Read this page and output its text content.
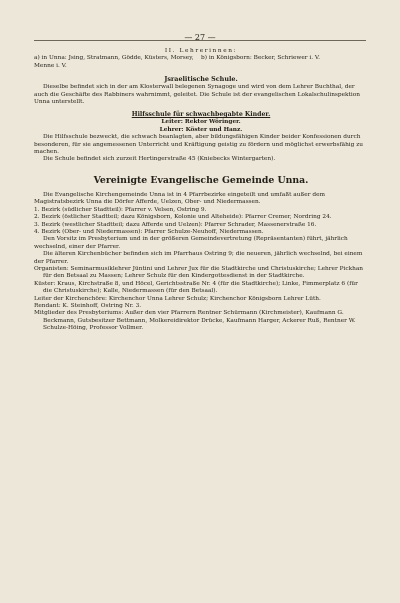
— 27 —
II. Lehrerinnen:
a) in Unna: Jsing, Stratmann, Gödde, Küsters, Morsey, Menne i. V.
b) in Königsborn: Becker, Schriewer i. V.
Jsraelitische Schule.

Dieselbe befindet sich in der am Klosterwall belegenen Synagoge und wird von dem Lehrer Buchthal, der auch die Geschäfte des Rabbiners wahrnimmt, geleitet. Die Schule ist der evangelischen Lokalschulinspektion Unna unterstellt.

Hilfsschule für schwachbegabte Kinder.
Leiter: Rektor Wöringer.
Lehrer: Köster und Hanz.

Die Hilfsschule bezweckt, die schwach beanlagten, aber bildungsfähigen Kinder beider Konfessionen durch besonderen, für sie angemessenen Unterricht und Kräftigung geistig zu fördern und möglichst erwerbsfähig zu machen.

Die Schule befindet sich zurzeit Hertingerstraße 45 (Kniebecks Wintergarten).

Vereinigte Evangelische Gemeinde Unna.

Die Evangelische Kirchengemeinde Unna ist in 4 Pfarrbezirke eingeteilt und umfaßt außer dem Magistratsbezirk Unna die Dörfer Afferde, Uelzen, Ober- und Niedermassen.

1. Bezirk (südlicher Stadtteil): Pfarrer v. Velsen, Ostring 9.

2. Bezirk (östlicher Stadtteil; dazu Königsborn, Kolonie und Alteheide): Pfarrer Cremer, Nordring 24.

3. Bezirk (westlicher Stadtteil; dazu Afferde und Uelzen): Pfarrer Schrader, Massenerstraße 16.

4. Bezirk (Ober- und Niedermassen): Pfarrer Schulze-Neuhoff, Niedermassen.

Den Vorsitz im Presbyterium und in der größeren Gemeindevertretung (Repräsentanten) führt, jährlich wechselnd, einer der Pfarrer.

Die älteren Kirchenbücher befinden sich im Pfarrhaus Ostring 9; die neueren, jährlich wechselnd, bei einem der Pfarrer.

Organisten: Seminarmusiklehrer Jüntini und Lehrer Jux für die Stadtkirche und Christuskirche; Lehrer Pickhan für den Betsaal zu Massen; Lehrer Schulz für den Kindergottesdienst in der Stadtkirche.

Küster: Kraus, Kirchstraße 8, und Höcel, Gerichtsstraße Nr. 4 (für die Stadtkirche); Linke, Fimmerplatz 6 (für die Christuskirche); Kalle, Niedermassen (für den Betsaal).

Leiter der Kirchenchöre: Kirchenchor Unna Lehrer Schulz; Kirchenchor Königsborn Lehrer Lüth.

Rendant: K. Steinhoff, Ostring Nr. 3.

Mitglieder des Presbyteriums: Außer den vier Pfarrern Rentner Schürmann (Kirchmeister), Kaufmann G. Beckmann, Gutsbesitzer Bettmann, Molkereidirektor Drücke, Kaufmann Harger, Ackerer Ruß, Rentner W. Schulze-Höing, Professor Vollmer.
